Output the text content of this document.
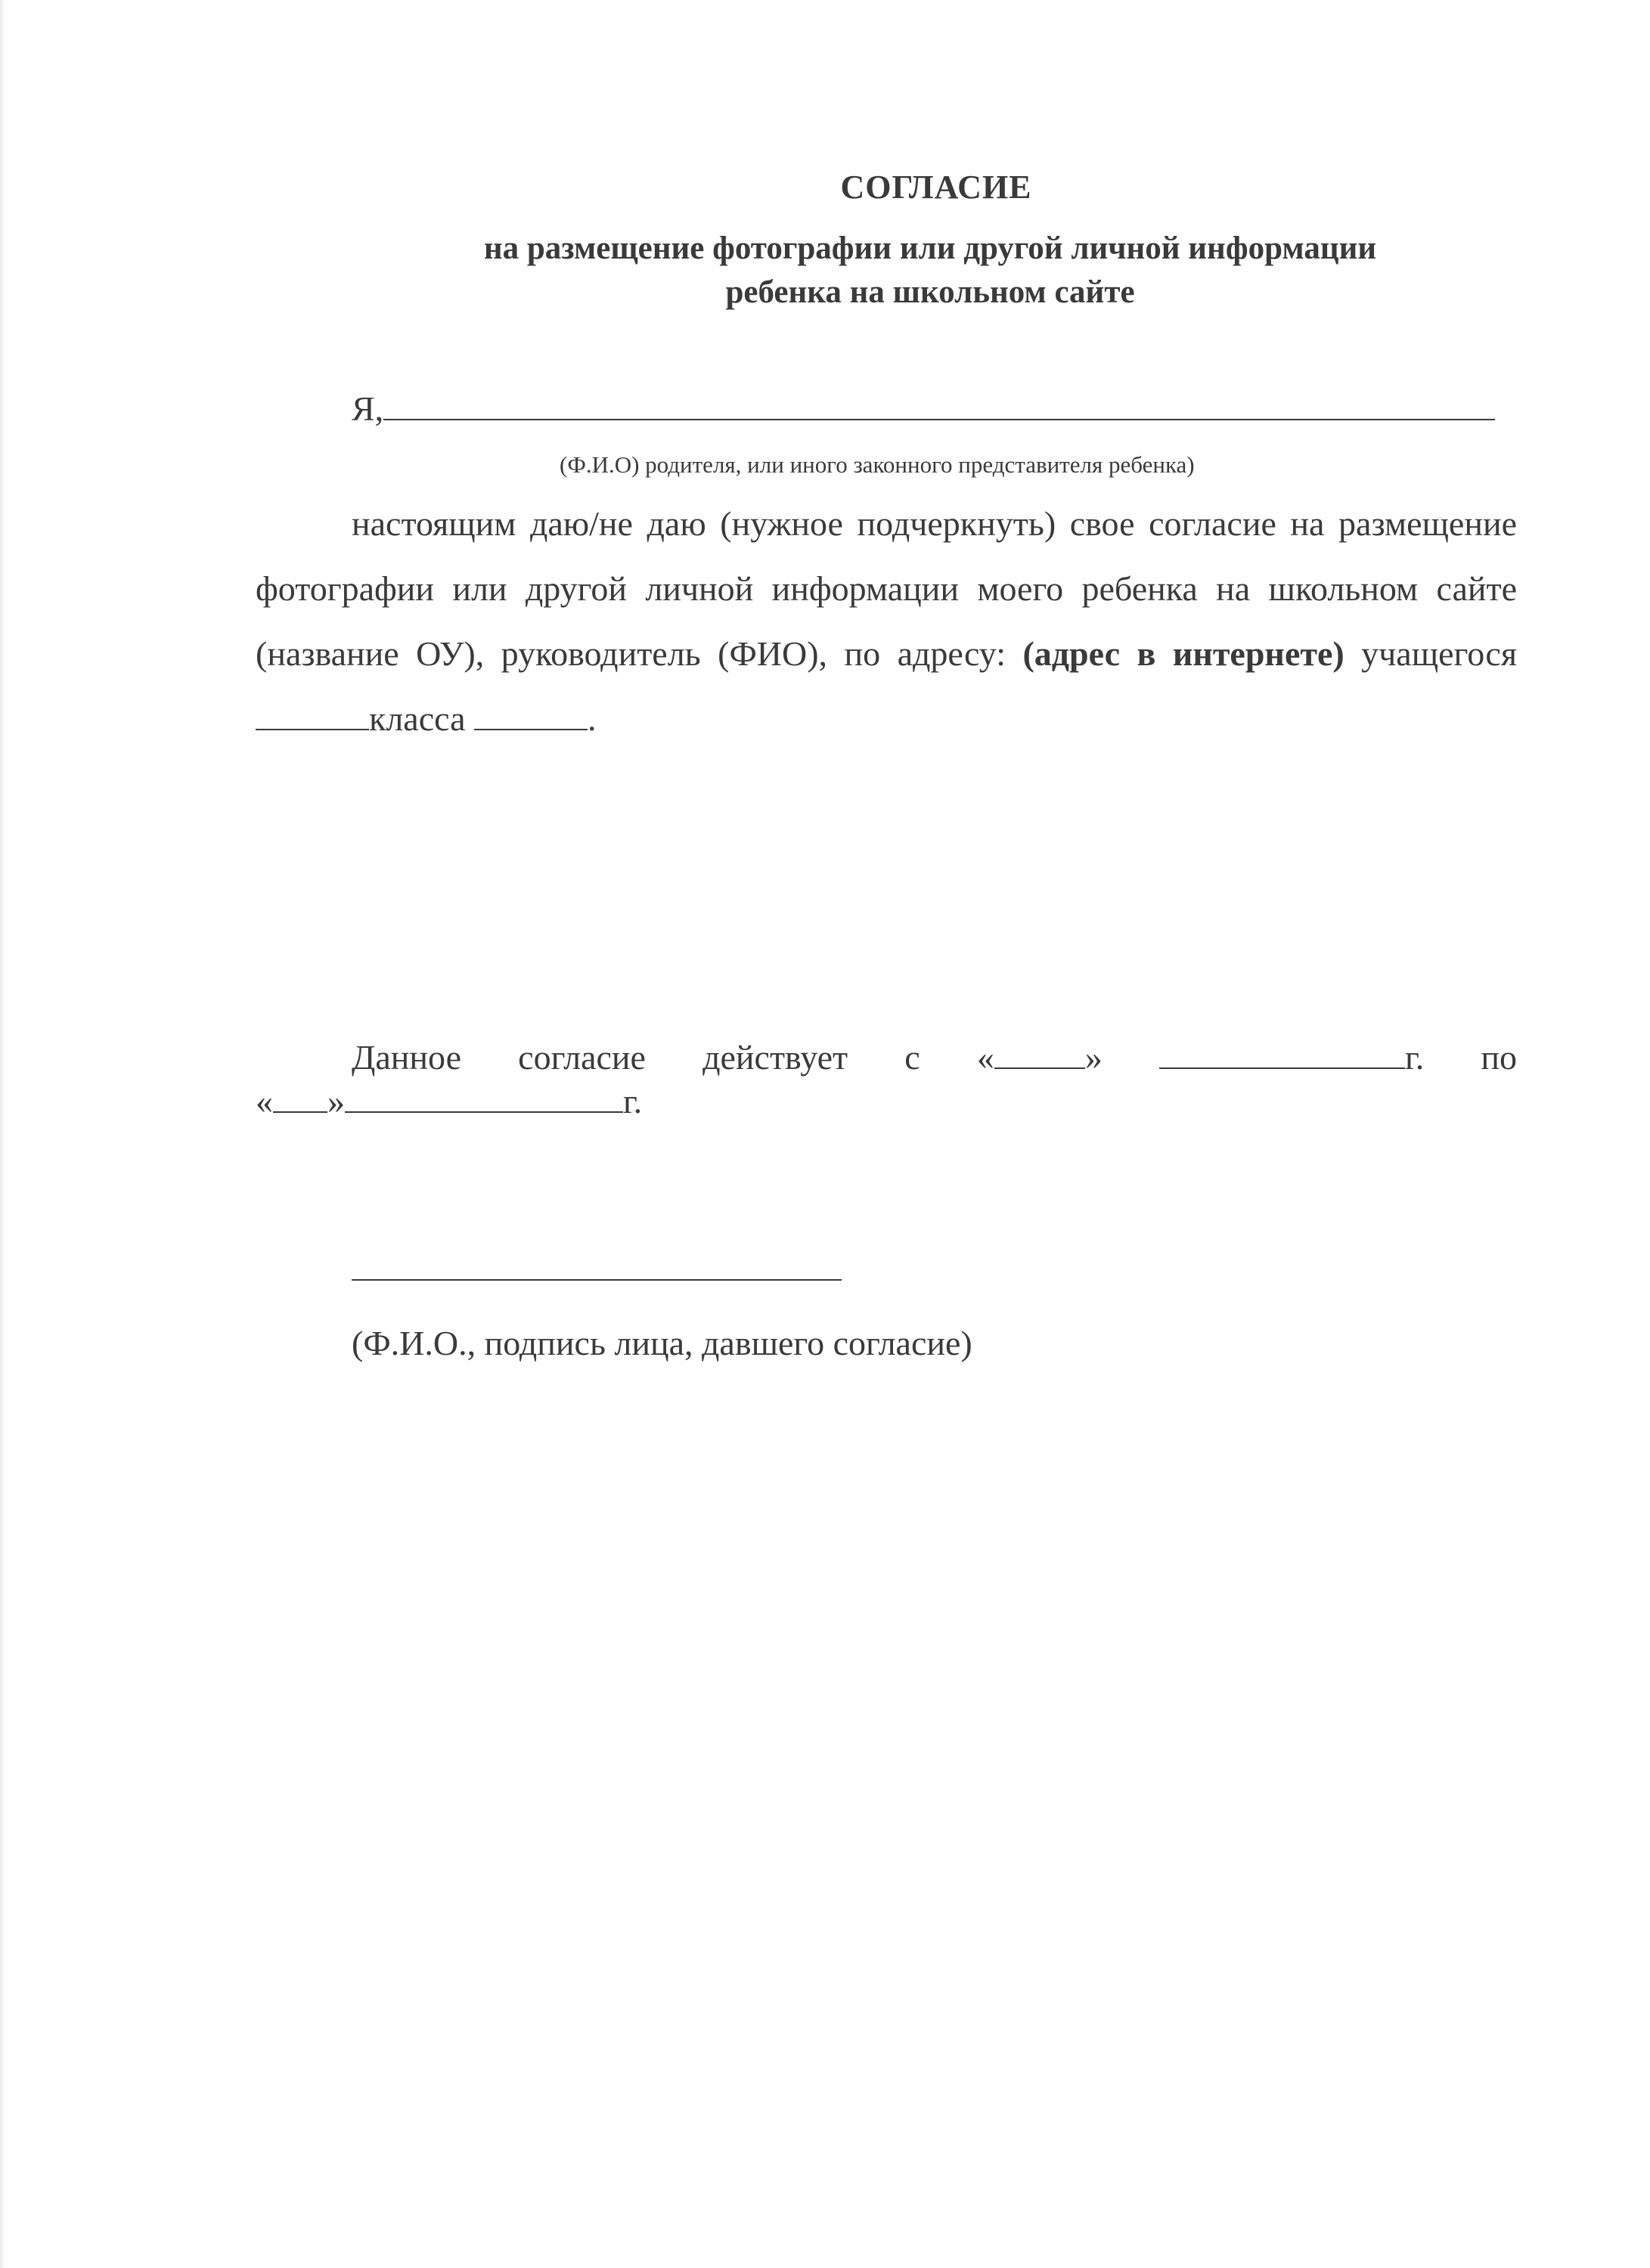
СОГЛАСИЕ
на размещение фотографии или другой личной информации
ребенка на школьном сайте
Я,
(Ф.И.О) родителя, или иного законного представителя ребенка)

настоящим даю/не даю (нужное подчеркнуть) свое согласие на размещение фотографии или другой личной информации моего ребенка на школьном сайте (название ОУ), руководитель (ФИО), по адресу: (адрес в интернете) учащегося класса	.

Данное согласие действует с «	»	г. по

« »	г.

(Ф.И.О., подпись лица, давшего согласие)
